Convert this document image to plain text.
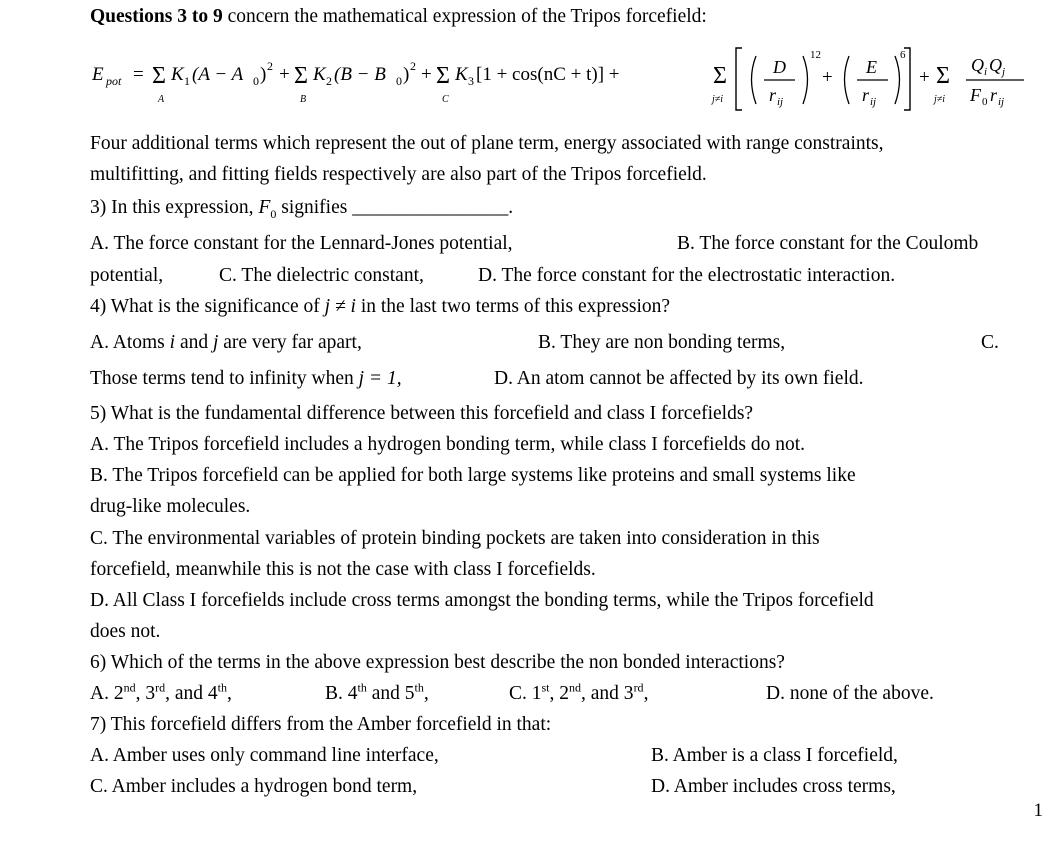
Questions 3 to 9 concern the mathematical expression of the Tripos forcefield:
E pot = Σ
A
K 1 (A − A 0 ) 2 + Σ
B
K 2 (B − B 0 ) 2 + Σ
C
K 3 [1 + cos(nC + t)] +	Σ
j≠i
D
r ij
12
+ E
r ij
6
+ Σ
j≠i
Q i Q j
F 0 r ij
Four additional terms which represent the out of plane term, energy associated with range constraints,
multifitting, and fitting fields respectively are also part of the Tripos forcefield.
3) In this expression, $F_0$ signifies ________________.
A. The force constant for the Lennard-Jones potential,	B. The force constant for the Coulomb
potential,	C. The dielectric constant,	D. The force constant for the electrostatic interaction.
4) What is the significance of j ≠ i in the last two terms of this expression?
A. Atoms i and j are very far apart,	B. They are non bonding terms,	C.
Those terms tend to infinity when j = 1,	D. An atom cannot be affected by its own field.
5) What is the fundamental difference between this forcefield and class I forcefields?
A. The Tripos forcefield includes a hydrogen bonding term, while class I forcefields do not.
B. The Tripos forcefield can be applied for both large systems like proteins and small systems like
drug-like molecules.
C. The environmental variables of protein binding pockets are taken into consideration in this
forcefield, meanwhile this is not the case with class I forcefields.
D. All Class I forcefields include cross terms amongst the bonding terms, while the Tripos forcefield
does not.
6) Which of the terms in the above expression best describe the non bonded interactions?
A. 2nd, 3rd, and 4th,	B. 4th and 5th,	C. 1st, 2nd, and 3rd,	D. none of the above.
7) This forcefield differs from the Amber forcefield in that:
A. Amber uses only command line interface,	B. Amber is a class I forcefield,
C. Amber includes a hydrogen bond term,	D. Amber includes cross terms,
1
